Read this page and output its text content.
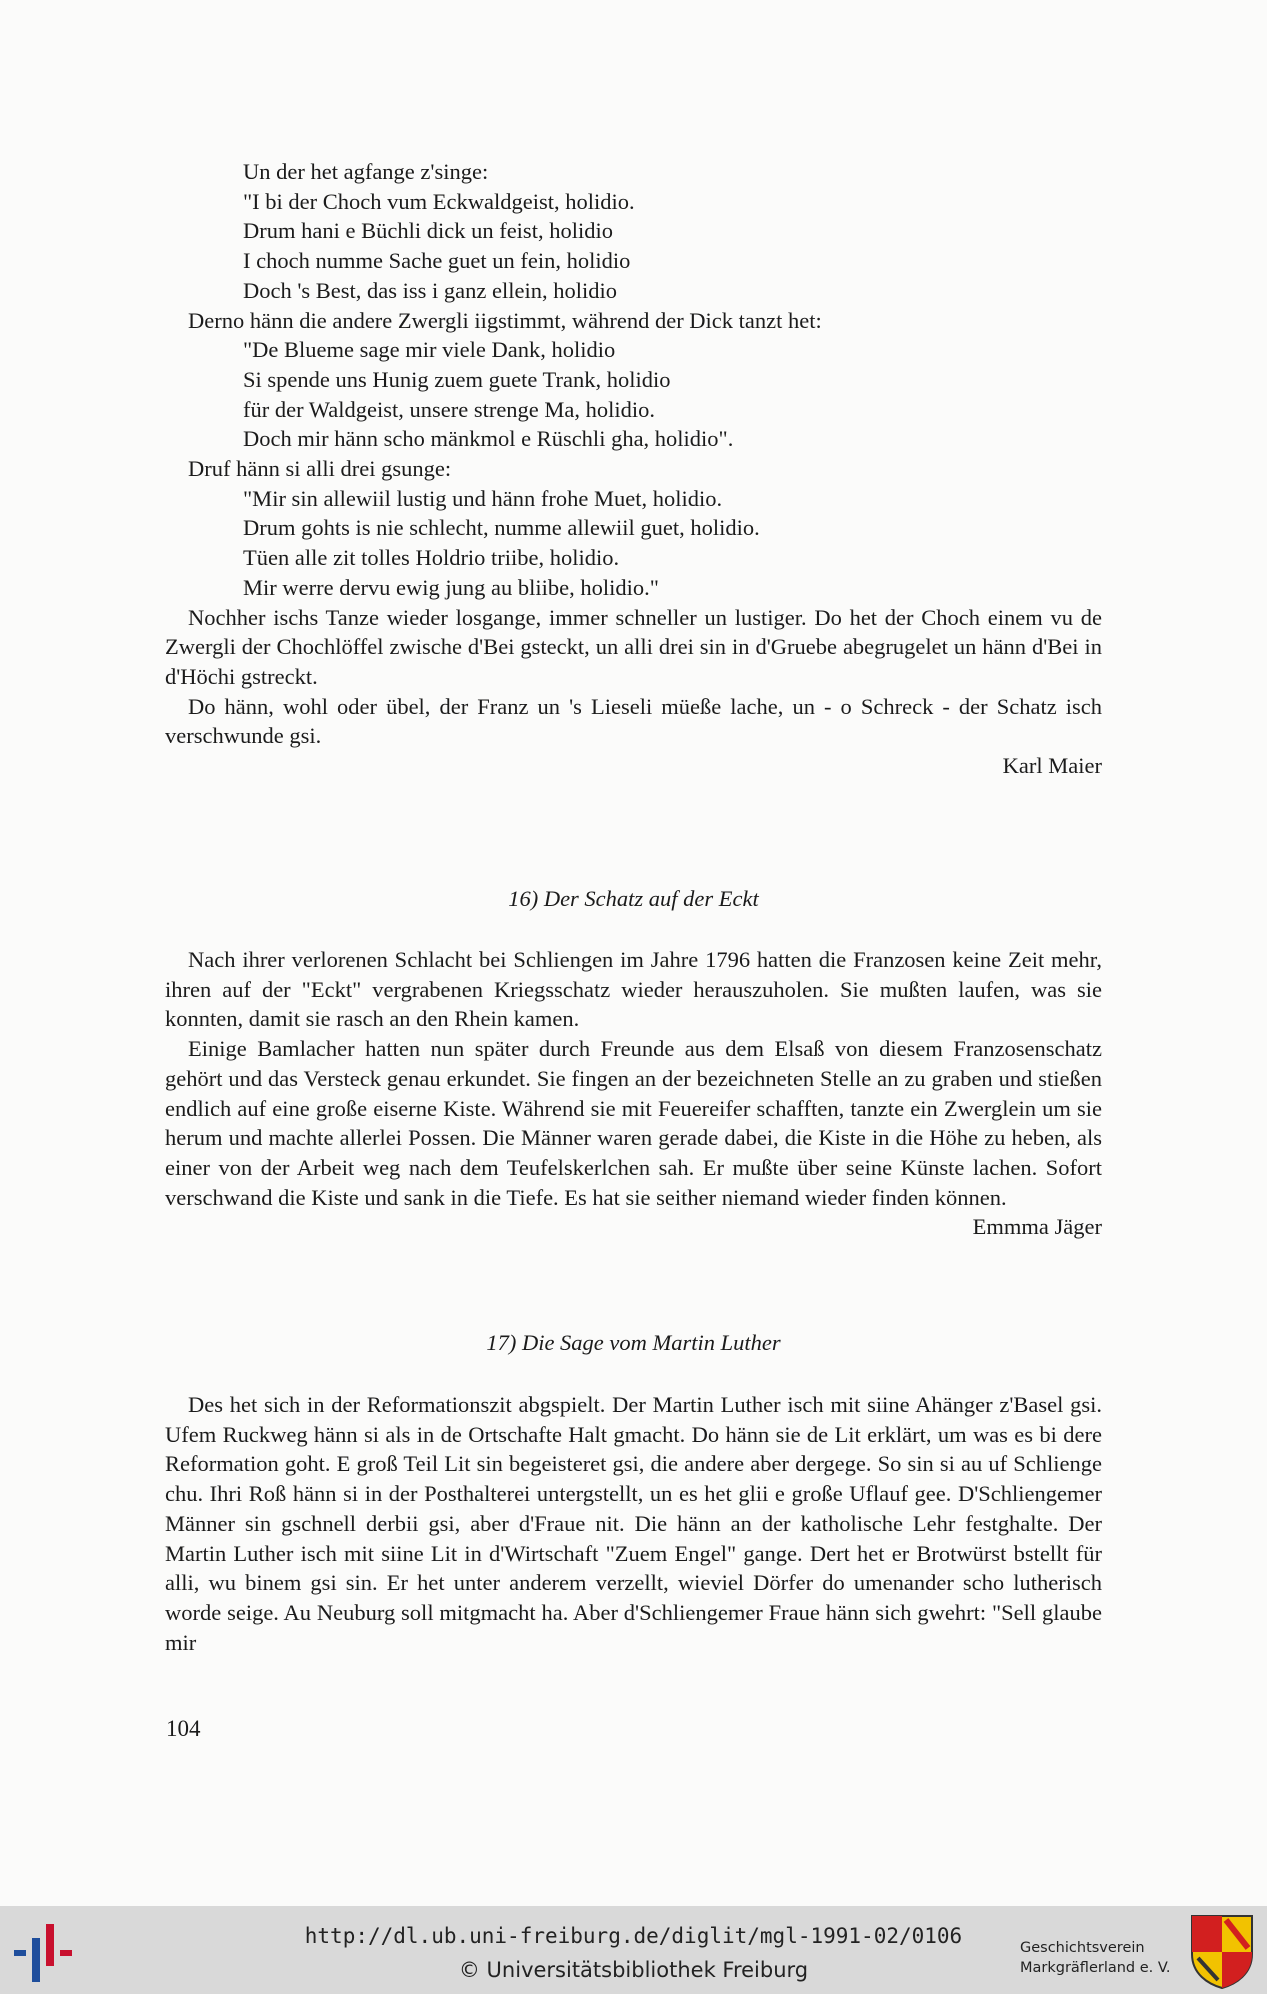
Un der het agfange z'singe:
"I bi der Choch vum Eckwaldgeist, holidio.
Drum hani e Büchli dick un feist, holidio
I choch numme Sache guet un fein, holidio
Doch 's Best, das iss i ganz ellein, holidio
Derno hänn die andere Zwergli iigstimmt, während der Dick tanzt het:
"De Blueme sage mir viele Dank, holidio
Si spende uns Hunig zuem guete Trank, holidio
für der Waldgeist, unsere strenge Ma, holidio.
Doch mir hänn scho mänkmol e Rüschli gha, holidio".
Druf hänn si alli drei gsunge:
"Mir sin allewiil lustig und hänn frohe Muet, holidio.
Drum gohts is nie schlecht, numme allewiil guet, holidio.
Tüen alle zit tolles Holdrio triibe, holidio.
Mir werre dervu ewig jung au bliibe, holidio."

Nochher ischs Tanze wieder losgange, immer schneller un lustiger. Do het der Choch einem vu de Zwergli der Chochlöffel zwische d'Bei gsteckt, un alli drei sin in d'Gruebe abegrugelet un hänn d'Bei in d'Höchi gstreckt.

Do hänn, wohl oder übel, der Franz un 's Lieseli müeße lache, un - o Schreck - der Schatz isch verschwunde gsi.

Karl Maier
16) Der Schatz auf der Eckt

Nach ihrer verlorenen Schlacht bei Schliengen im Jahre 1796 hatten die Franzosen keine Zeit mehr, ihren auf der "Eckt" vergrabenen Kriegsschatz wieder herauszuholen. Sie mußten laufen, was sie konnten, damit sie rasch an den Rhein kamen.

Einige Bamlacher hatten nun später durch Freunde aus dem Elsaß von diesem Franzosenschatz gehört und das Versteck genau erkundet. Sie fingen an der bezeichneten Stelle an zu graben und stießen endlich auf eine große eiserne Kiste. Während sie mit Feuereifer schafften, tanzte ein Zwerglein um sie herum und machte allerlei Possen. Die Männer waren gerade dabei, die Kiste in die Höhe zu heben, als einer von der Arbeit weg nach dem Teufelskerlchen sah. Er mußte über seine Künste lachen. Sofort verschwand die Kiste und sank in die Tiefe. Es hat sie seither niemand wieder finden können.

Emmma Jäger
17) Die Sage vom Martin Luther

Des het sich in der Reformationszit abgspielt. Der Martin Luther isch mit siine Ahänger z'Basel gsi. Ufem Ruckweg hänn si als in de Ortschafte Halt gmacht. Do hänn sie de Lit erklärt, um was es bi dere Reformation goht. E groß Teil Lit sin begeisteret gsi, die andere aber dergege. So sin si au uf Schlienge chu. Ihri Roß hänn si in der Posthalterei untergstellt, un es het glii e große Uflauf gee. D'Schliengemer Männer sin gschnell derbii gsi, aber d'Fraue nit. Die hänn an der katholische Lehr festghalte. Der Martin Luther isch mit siine Lit in d'Wirtschaft "Zuem Engel" gange. Dert het er Brotwürst bstellt für alli, wu binem gsi sin. Er het unter anderem verzellt, wieviel Dörfer do umenander scho lutherisch worde seige. Au Neuburg soll mitgmacht ha. Aber d'Schliengemer Fraue hänn sich gwehrt: "Sell glaube mir

104
http://dl.ub.uni-freiburg.de/diglit/mgl-1991-02/0106
© Universitätsbibliothek Freiburg
Geschichtsverein
Markgräflerland e. V.
